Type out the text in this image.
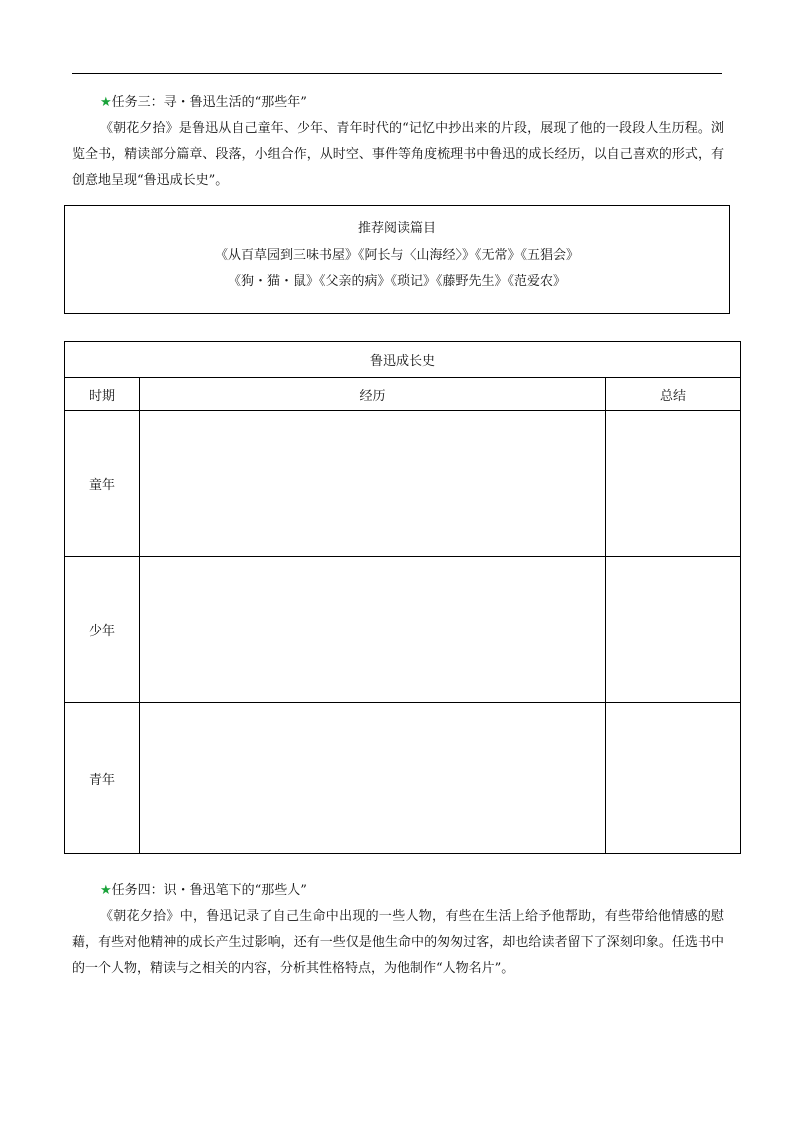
★任务三：寻・鲁迅生活的“那些年”
《朝花夕拾》是鲁迅从自己童年、少年、青年时代的“记忆中抄出来的片段，展现了他的一段段人生历程。浏览全书，精读部分篇章、段落，小组合作，从时空、事件等角度梳理书中鲁迅的成长经历，以自己喜欢的形式，有创意地呈现“鲁迅成长史”。
推荐阅读篇目
《从百草园到三味书屋》《阿长与〈山海经〉》《无常》《五猖会》
《狗・猫・鼠》《父亲的病》《琐记》《藤野先生》《范爱农》
鲁迅成长史		
时期	经历	总结
童年		
少年		
青年		
★任务四：识・鲁迅笔下的“那些人”
《朝花夕拾》中，鲁迅记录了自己生命中出现的一些人物，有些在生活上给予他帮助，有些带给他情感的慰藉，有些对他精神的成长产生过影响，还有一些仅是他生命中的匆匆过客，却也给读者留下了深刻印象。任选书中的一个人物，精读与之相关的内容，分析其性格特点，为他制作“人物名片”。
